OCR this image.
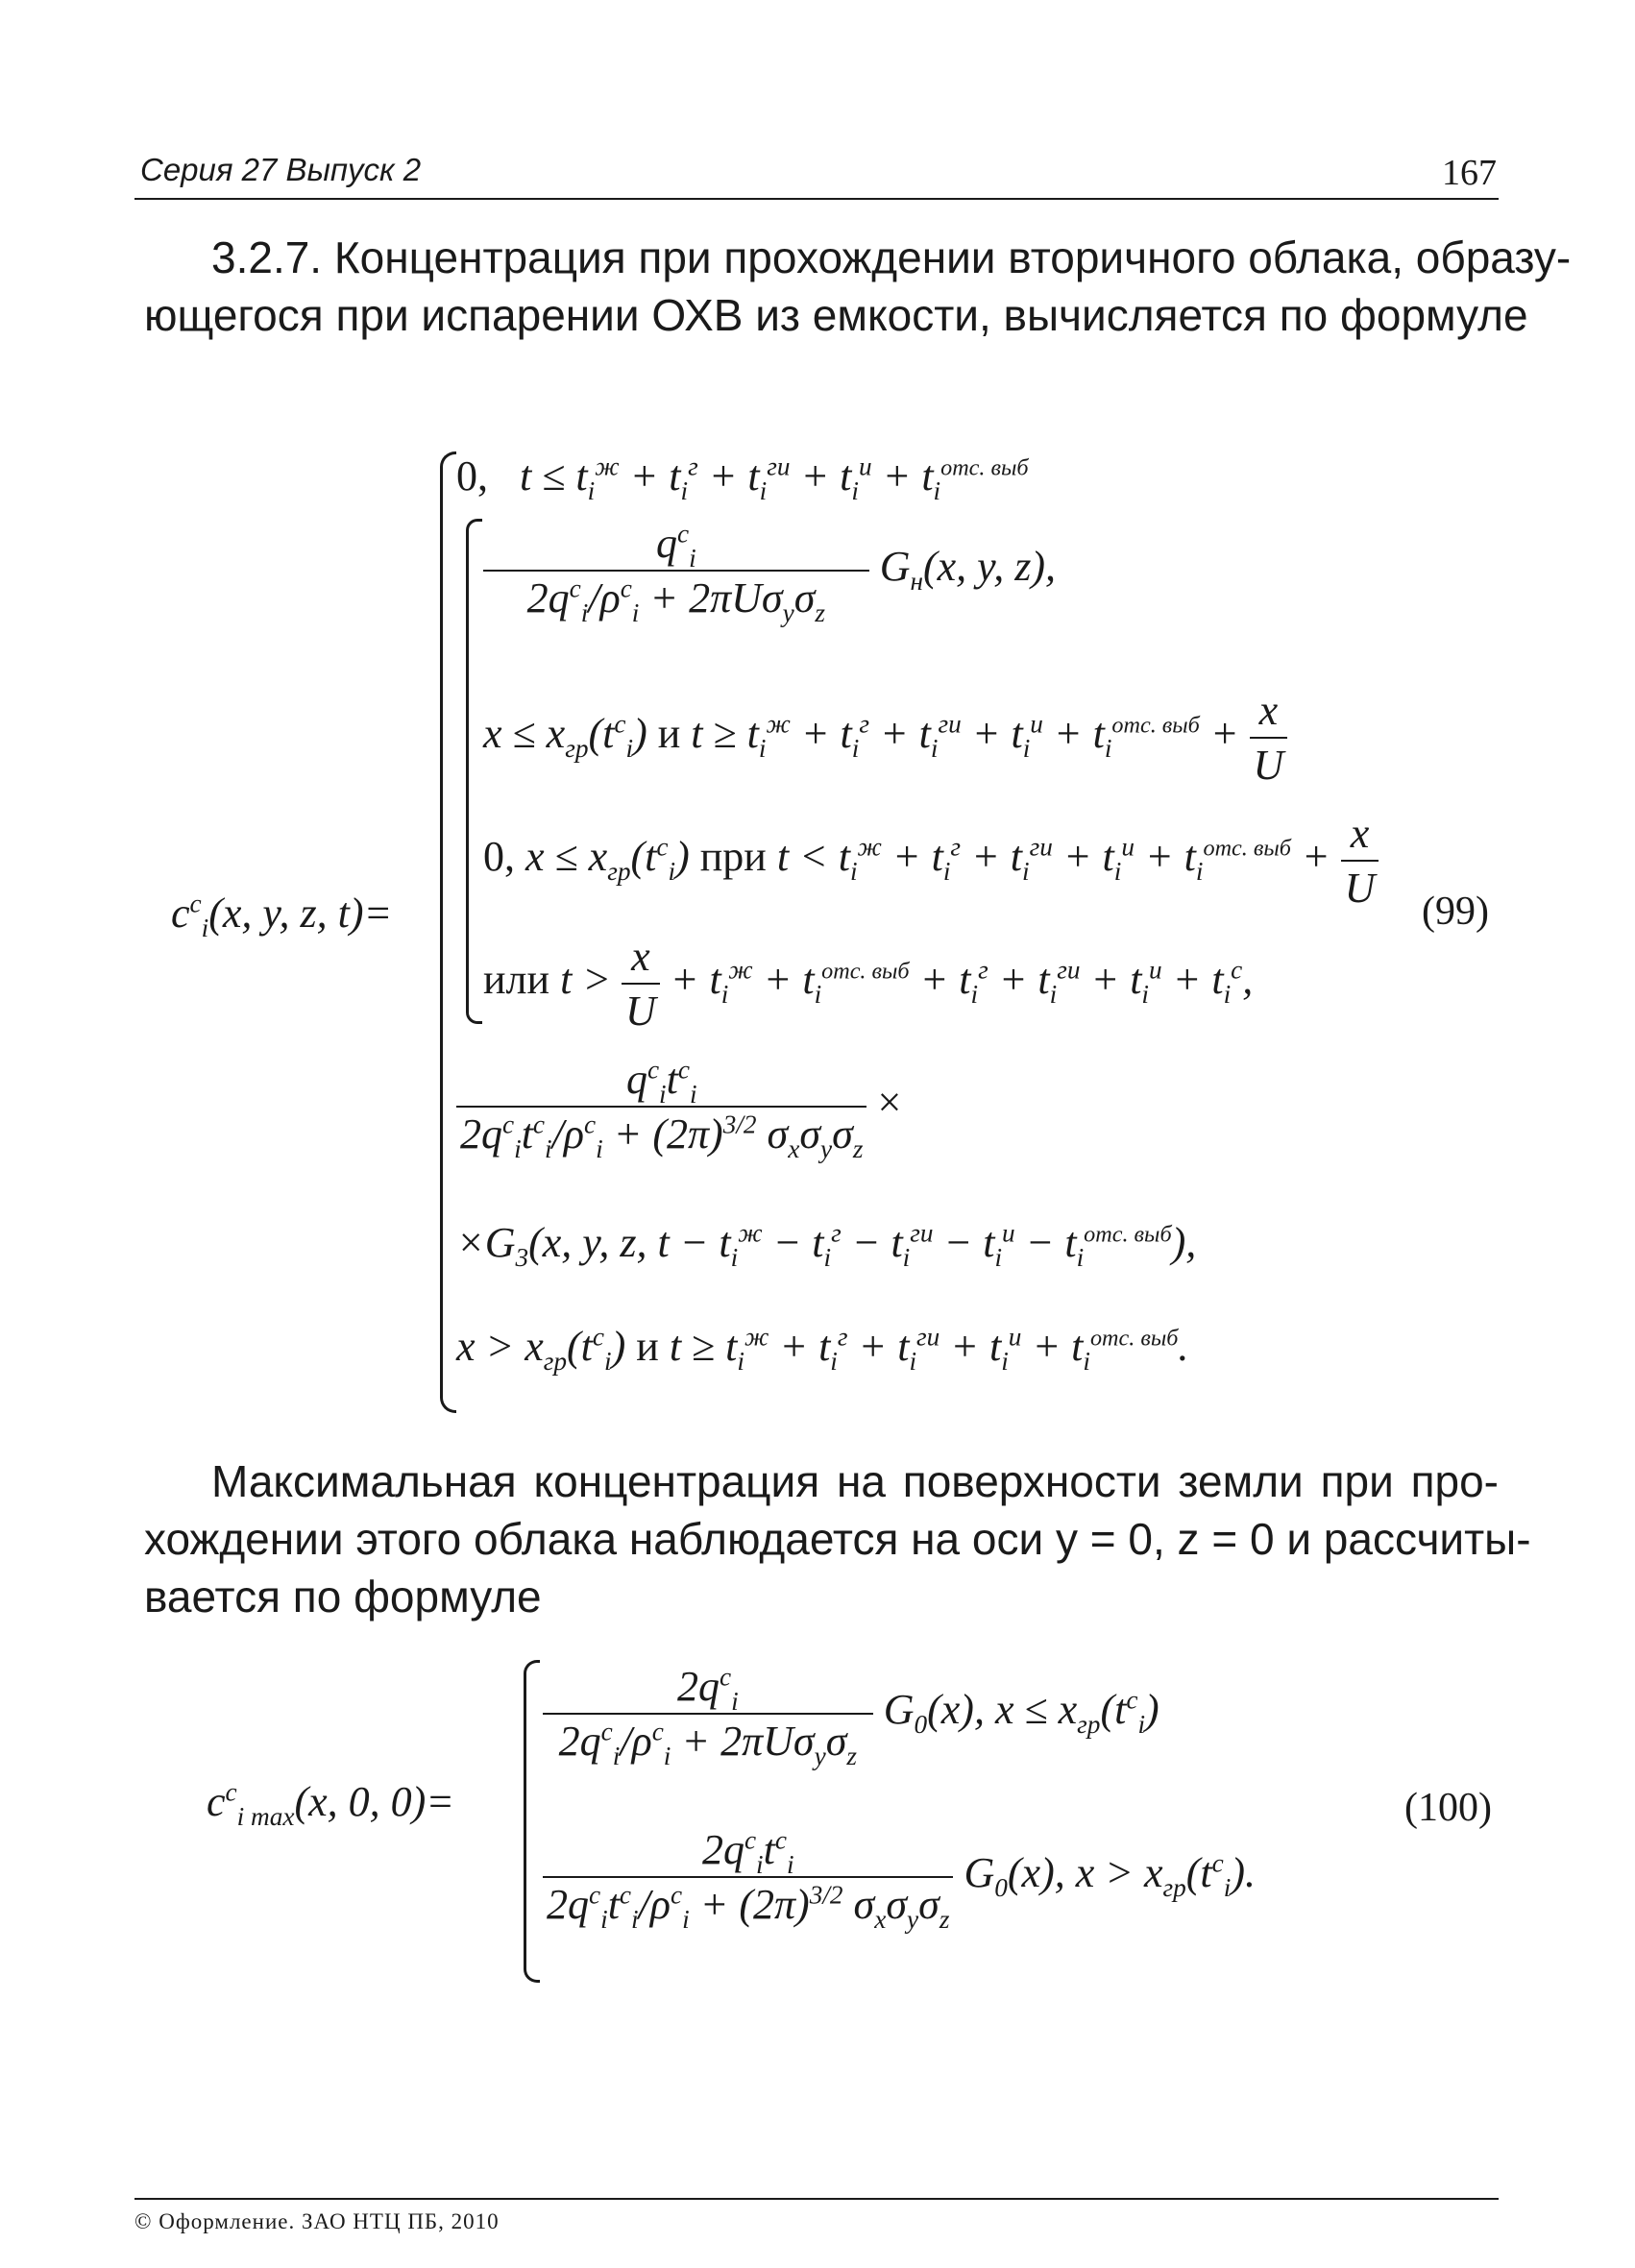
Серия 27 Выпуск 2	167
3.2.7. Концентрация при прохождении вторичного облака, образу-
ющегося при испарении ОХВ из емкости, вычисляется по формуле
$c^с_i(x$, y, z, t)=
0,   $t \le t_i^ж + t_i^г + t_i^{ги} + t_i^и + t_i^{отс. выб}$
$\frac{q^с_i}{2q^с_i/\rho^с_i + 2\pi U\sigma_y\sigma_z} G_н(x$, y, z),
$x \le x_{гр}(t^с_i)$ и $t \ge t_i^ж + t_i^г + t_i^{ги} + t_i^и + t_i^{отс. выб} + \frac{x}{U}$
0, $x \le x_{гр}(t^с_i)$ при $t < t_i^ж + t_i^г + t_i^{ги} + t_i^и + t_i^{отс. выб} + \frac{x}{U}$
или $t > \frac{x}{U} + t_i^ж + t_i^{отс. выб} + t_i^г + t_i^{ги} + t_i^и + t_i^с$,
$\frac{q^с_it^с_i}{2q^с_it^с_i/\rho^с_i + (2\pi)^{3/2} \sigma_x\sigma_y\sigma_z}$ ×
$\times G_3(x$, y, z, $t - t_i^ж - t_i^г - t_i^{ги} - t_i^и - t_i^{отс. выб}$),
$x > x_{гр}(t^с_i)$ и $t \ge t_i^ж + t_i^г + t_i^{ги} + t_i^и + t_i^{отс. выб}$.
(99)
Максимальная концентрация на поверхности земли при про-
хождении этого облака наблюдается на оси y = 0, z = 0 и рассчиты-
вается по формуле
$c^с_{i max}(x$, 0, 0)=
$\frac{2q^с_i}{2q^с_i/\rho^с_i + 2\pi U\sigma_y\sigma_z} G_0(x)$, $x \le x_{гр}(t^с_i)$
$\frac{2q^с_it^с_i}{2q^с_it^с_i/\rho^с_i + (2\pi)^{3/2} \sigma_x\sigma_y\sigma_z} G_0(x)$, $x > x_{гр}(t^с_i)$.
(100)
© Оформление. ЗАО НТЦ ПБ, 2010
